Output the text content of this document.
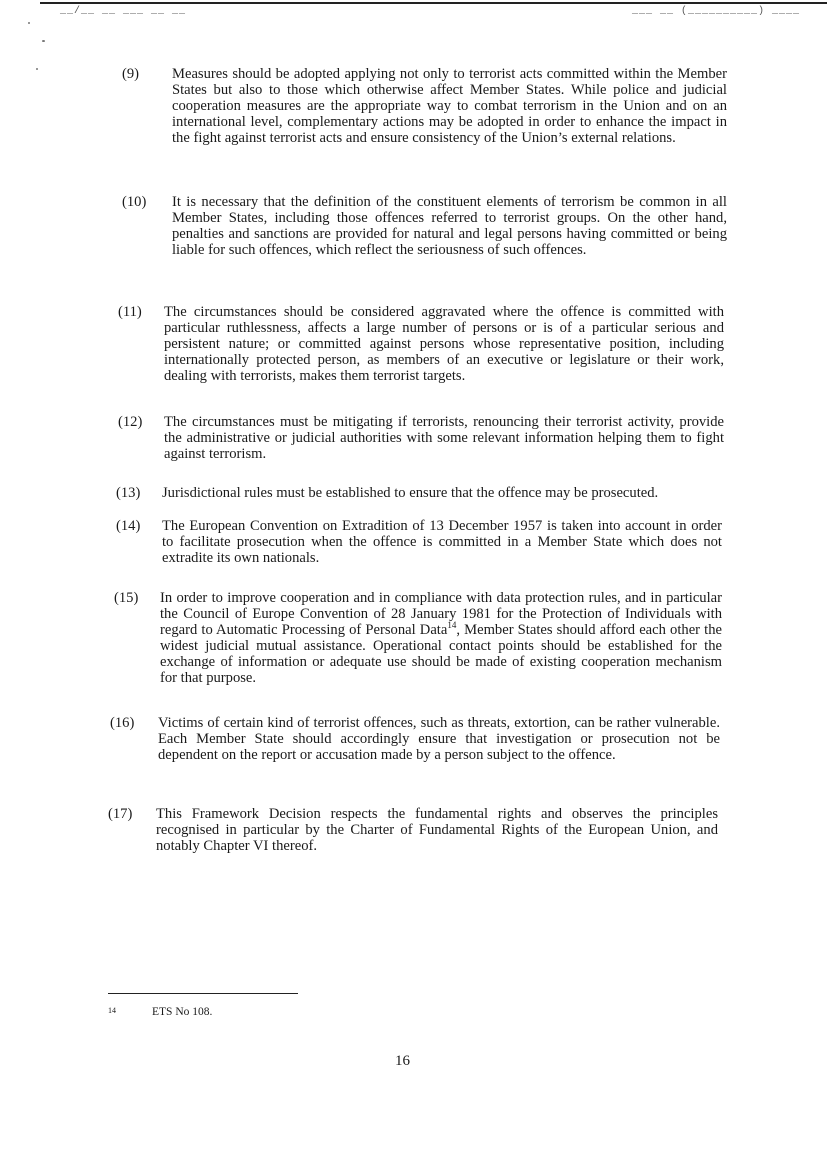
__/__ __ ___ __ __	___ __ (__________) ____
(9) Measures should be adopted applying not only to terrorist acts committed within the Member States but also to those which otherwise affect Member States. While police and judicial cooperation measures are the appropriate way to combat terrorism in the Union and on an international level, complementary actions may be adopted in order to enhance the impact in the fight against terrorist acts and ensure consistency of the Union’s external relations.
(10) It is necessary that the definition of the constituent elements of terrorism be common in all Member States, including those offences referred to terrorist groups. On the other hand, penalties and sanctions are provided for natural and legal persons having committed or being liable for such offences, which reflect the seriousness of such offences.
(11) The circumstances should be considered aggravated where the offence is committed with particular ruthlessness, affects a large number of persons or is of a particular serious and persistent nature; or committed against persons whose representative position, including internationally protected person, as members of an executive or legislature or their work, dealing with terrorists, makes them terrorist targets.
(12) The circumstances must be mitigating if terrorists, renouncing their terrorist activity, provide the administrative or judicial authorities with some relevant information helping them to fight against terrorism.
(13) Jurisdictional rules must be established to ensure that the offence may be prosecuted.
(14) The European Convention on Extradition of 13 December 1957 is taken into account in order to facilitate prosecution when the offence is committed in a Member State which does not extradite its own nationals.
(15) In order to improve cooperation and in compliance with data protection rules, and in particular the Council of Europe Convention of 28 January 1981 for the Protection of Individuals with regard to Automatic Processing of Personal Data$^{14}$, Member States should afford each other the widest judicial mutual assistance. Operational contact points should be established for the exchange of information or adequate use should be made of existing cooperation mechanism for that purpose.
(16) Victims of certain kind of terrorist offences, such as threats, extortion, can be rather vulnerable. Each Member State should accordingly ensure that investigation or prosecution not be dependent on the report or accusation made by a person subject to the offence.
(17) This Framework Decision respects the fundamental rights and observes the principles recognised in particular by the Charter of Fundamental Rights of the European Union, and notably Chapter VI thereof.
14	ETS No 108.
16
